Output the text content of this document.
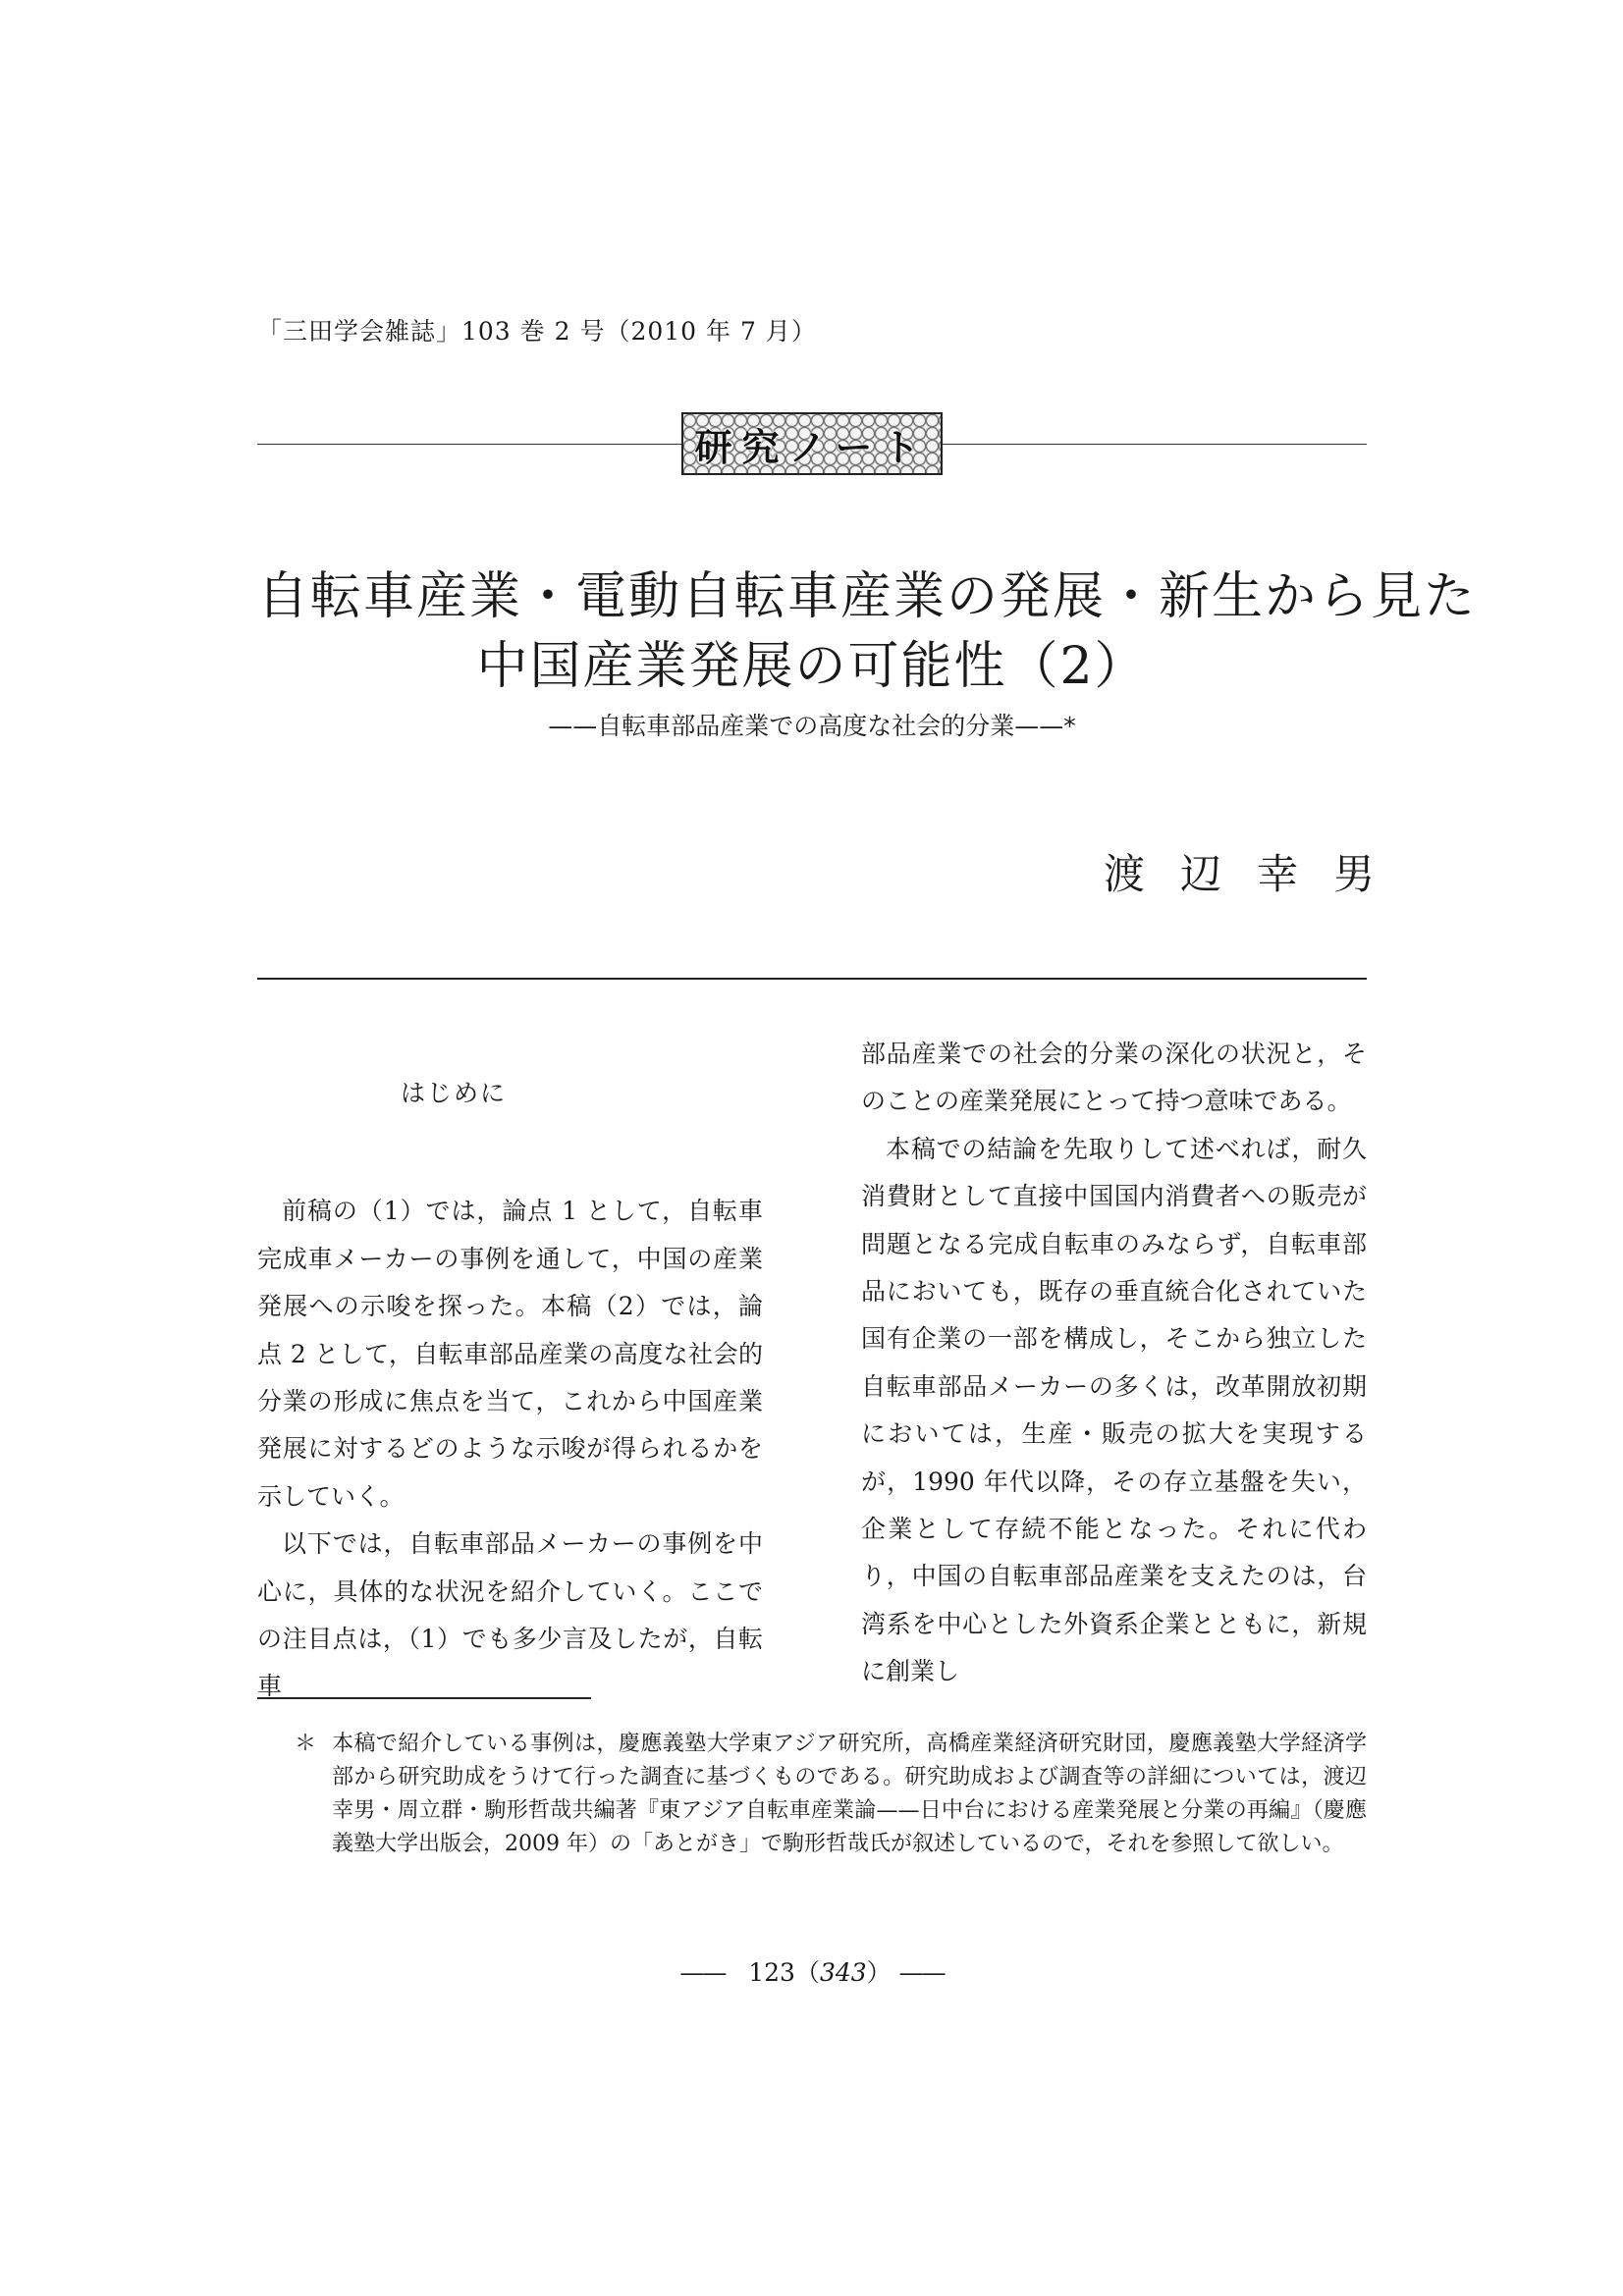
「三田学会雑誌」103 巻 2 号（2010 年 7 月）
研究ノート
自転車産業・電動自転車産業の発展・新生から見た
中国産業発展の可能性（2）
——自転車部品産業での高度な社会的分業——*
渡辺幸男

はじめに

前稿の（1）では，論点 1 として，自転車完成車メーカーの事例を通して，中国の産業発展への示唆を探った。本稿（2）では，論点 2 として，自転車部品産業の高度な社会的分業の形成に焦点を当て，これから中国産業発展に対するどのような示唆が得られるかを示していく。

以下では，自転車部品メーカーの事例を中心に，具体的な状況を紹介していく。ここでの注目点は，（1）でも多少言及したが，自転車

部品産業での社会的分業の深化の状況と，そのことの産業発展にとって持つ意味である。

本稿での結論を先取りして述べれば，耐久消費財として直接中国国内消費者への販売が問題となる完成自転車のみならず，自転車部品においても，既存の垂直統合化されていた国有企業の一部を構成し，そこから独立した自転車部品メーカーの多くは，改革開放初期においては，生産・販売の拡大を実現するが，1990 年代以降，その存立基盤を失い，企業として存続不能となった。それに代わり，中国の自転車部品産業を支えたのは，台湾系を中心とした外資系企業とともに，新規に創業し

＊ 本稿で紹介している事例は，慶應義塾大学東アジア研究所，高橋産業経済研究財団，慶應義塾大学経済学部から研究助成をうけて行った調査に基づくものである。研究助成および調査等の詳細については，渡辺幸男・周立群・駒形哲哉共編著『東アジア自転車産業論——日中台における産業発展と分業の再編』（慶應義塾大学出版会，2009 年）の「あとがき」で駒形哲哉氏が叙述しているので，それを参照して欲しい。
—— 123（343） ——
